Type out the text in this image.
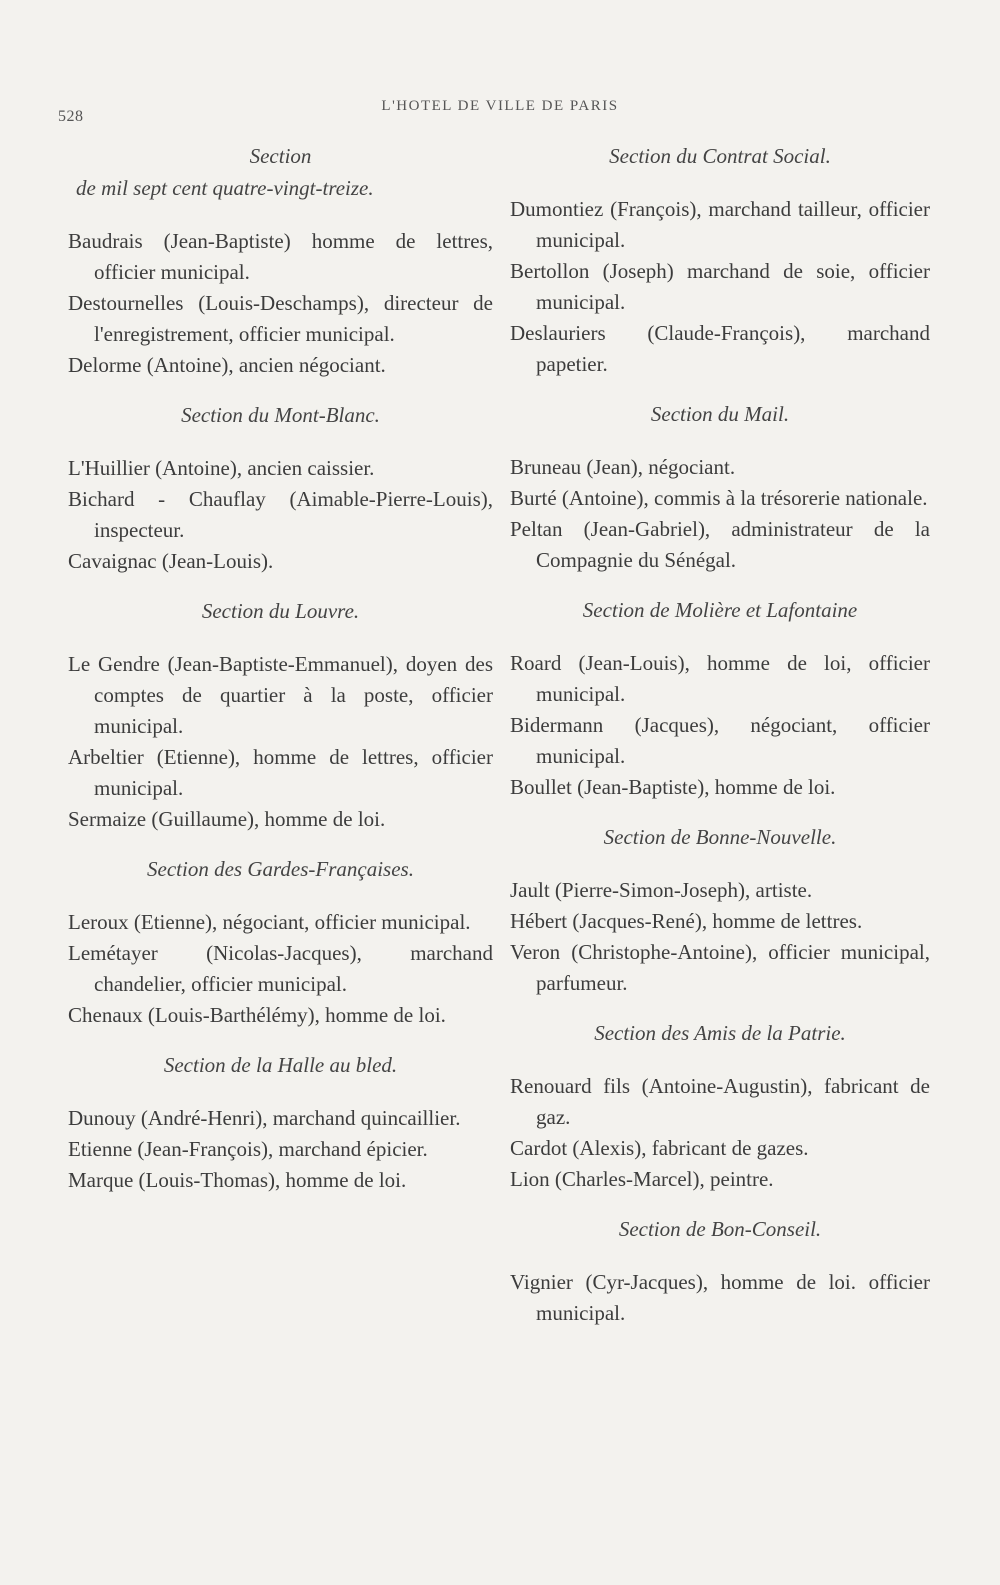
528
L'HOTEL DE VILLE DE PARIS
Section
de mil sept cent quatre-vingt-treize.

Baudrais (Jean-Baptiste) homme de lettres, officier municipal.

Destournelles (Louis-Deschamps), directeur de l'enregistrement, officier municipal.

Delorme (Antoine), ancien négociant.

Section du Mont-Blanc.

L'Huillier (Antoine), ancien caissier.

Bichard - Chauflay (Aimable-Pierre-Louis), inspecteur.

Cavaignac (Jean-Louis).

Section du Louvre.

Le Gendre (Jean-Baptiste-Emmanuel), doyen des comptes de quartier à la poste, officier municipal.

Arbeltier (Etienne), homme de lettres, officier municipal.

Sermaize (Guillaume), homme de loi.

Section des Gardes-Françaises.

Leroux (Etienne), négociant, officier municipal.

Lemétayer (Nicolas-Jacques), marchand chandelier, officier municipal.

Chenaux (Louis-Barthélémy), homme de loi.

Section de la Halle au bled.

Dunouy (André-Henri), marchand quincaillier.

Etienne (Jean-François), marchand épicier.

Marque (Louis-Thomas), homme de loi.

Section du Contrat Social.

Dumontiez (François), marchand tailleur, officier municipal.

Bertollon (Joseph) marchand de soie, officier municipal.

Deslauriers (Claude-François), marchand papetier.

Section du Mail.

Bruneau (Jean), négociant.

Burté (Antoine), commis à la trésorerie nationale.

Peltan (Jean-Gabriel), administrateur de la Compagnie du Sénégal.

Section de Molière et Lafontaine

Roard (Jean-Louis), homme de loi, officier municipal.

Bidermann (Jacques), négociant, officier municipal.

Boullet (Jean-Baptiste), homme de loi.

Section de Bonne-Nouvelle.

Jault (Pierre-Simon-Joseph), artiste.

Hébert (Jacques-René), homme de lettres.

Veron (Christophe-Antoine), officier municipal, parfumeur.

Section des Amis de la Patrie.

Renouard fils (Antoine-Augustin), fabricant de gaz.

Cardot (Alexis), fabricant de gazes.

Lion (Charles-Marcel), peintre.

Section de Bon-Conseil.

Vignier (Cyr-Jacques), homme de loi. officier municipal.
